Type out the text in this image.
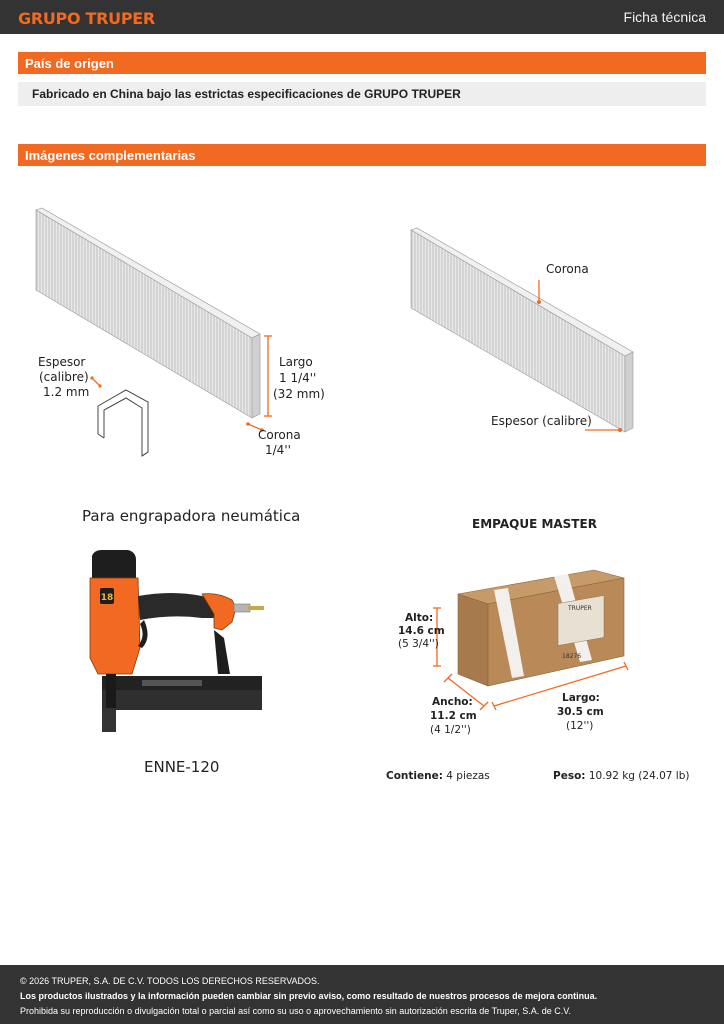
GRUPO TRUPER	Ficha técnica
País de origen
Fabricado en China bajo las estrictas especificaciones de GRUPO TRUPER
Imágenes complementarias
Espesor
(calibre)
1.2 mm
Largo
1 1/4''
(32 mm)
Corona
1/4''
Corona
Espesor (calibre)
Para engrapadora neumática
18
ENNE-120
EMPAQUE MASTER
TRUPER
18276
Alto:
14.6 cm
(5 3/4'')
Ancho:
11.2 cm
(4 1/2'')
Largo:
30.5 cm
(12'')
Contiene: 4 piezas	Peso: 10.92 kg (24.07 lb)
© 2026 TRUPER, S.A. DE C.V. TODOS LOS DERECHOS RESERVADOS.
Los productos ilustrados y la información pueden cambiar sin previo aviso, como resultado de nuestros procesos de mejora continua.
Prohibida su reproducción o divulgación total o parcial así como su uso o aprovechamiento sin autorización escrita de Truper, S.A. de C.V.
